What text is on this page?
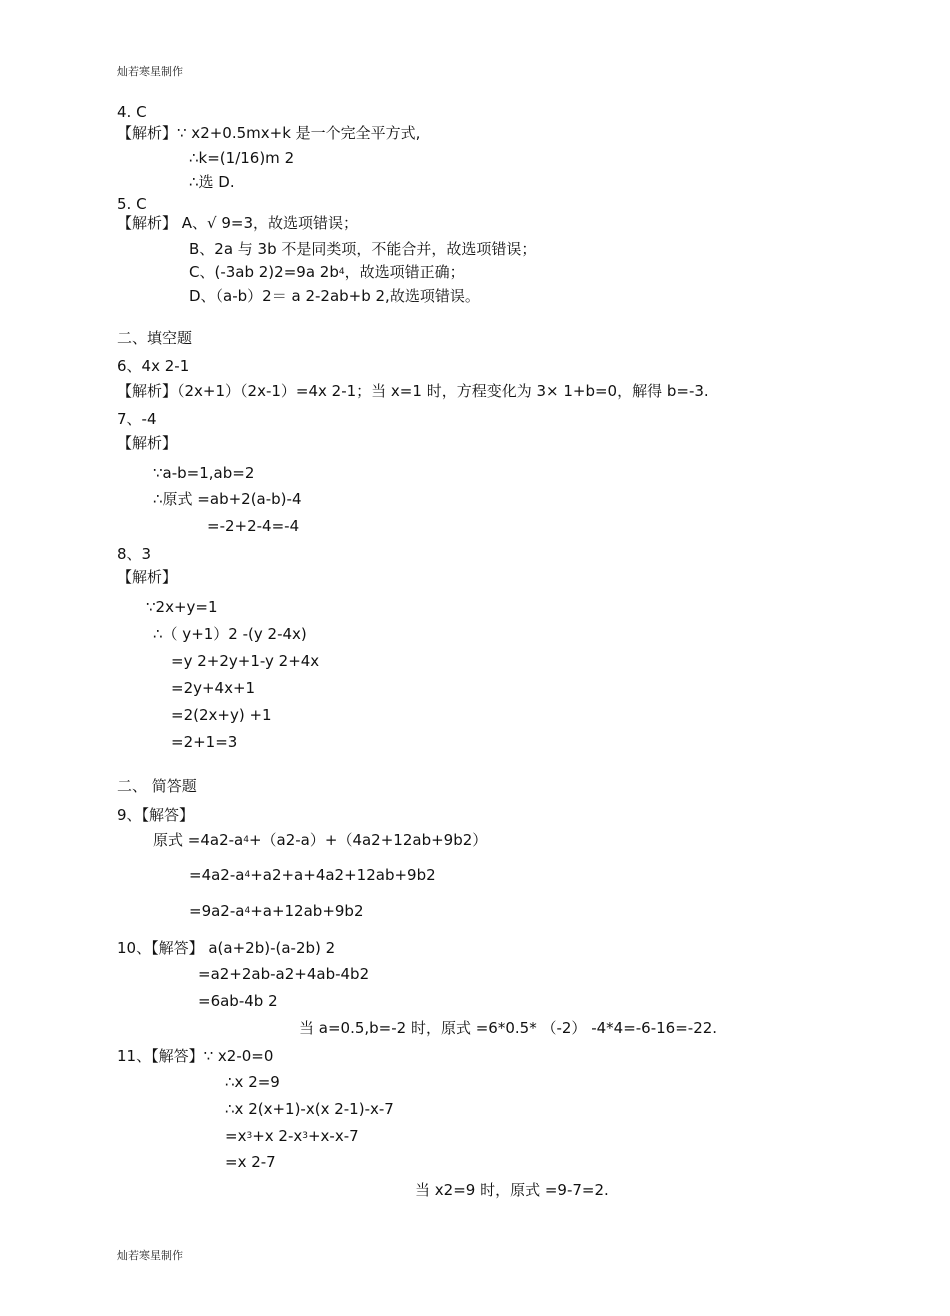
灿若寒星制作
4. C
【解析】∵ x2+0.5mx+k 是一个完全平方式,
∴k=(1/16)m 2
∴选 D.
5. C
【解析】 A、√ 9=3，故选项错误；
B、2a 与 3b 不是同类项，不能合并，故选项错误；
C、(-3ab 2)2=9a $2b^4$，故选项错正确；
D、（a-b）2＝ a 2-2ab+b 2,故选项错误。
二、填空题
6、4x 2-1
【解析】（2x+1）（2x-1）=4x 2-1；当 x=1 时，方程变化为 3× 1+b=0，解得 b=-3.
7、-4
【解析】
∵a-b=1,ab=2
∴原式 =ab+2(a-b)-4
=-2+2-4=-4
8、3
【解析】
∵2x+y=1
∴（ y+1）2 -(y 2-4x)
=y 2+2y+1-y 2+4x
=2y+4x+1
=2(2x+y) +1
=2+1=3
二、 简答题
9、【解答】
原式 $=4a2-a^4+(a2-a)+(4a2+12ab+9b2)$
$=4a2-a^4+a2+a+4a2+12ab+9b2$
$=9a2-a^4+a+12ab+9b2$
10、【解答】 a(a+2b)-(a-2b) 2
=a2+2ab-a2+4ab-4b2
=6ab-4b 2
当 a=0.5,b=-2 时，原式 =6*0.5* （-2） -4*4=-6-16=-22.
11、【解答】∵ x2-0=0
∴x 2=9
∴x 2(x+1)-x(x 2-1)-x-7
$=x^3+x$ $2-x^3+x-x-7$
=x 2-7
当 x2=9 时，原式 =9-7=2.
灿若寒星制作
